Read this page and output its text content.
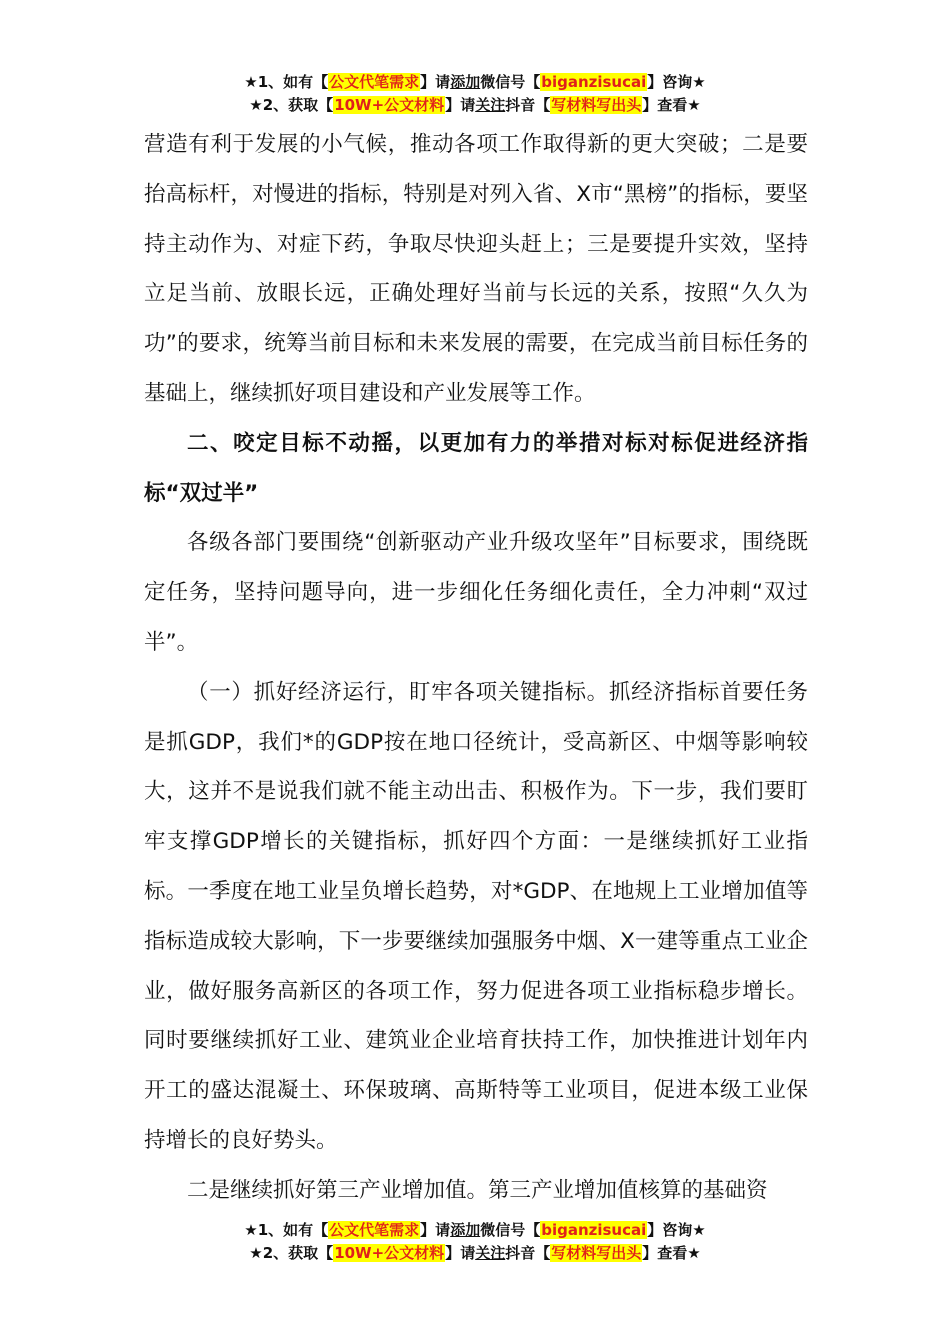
★1、如有【公文代笔需求】请添加微信号【biganzisucai】咨询★
★2、获取【10W+公文材料】请关注抖音【写材料写出头】查看★

营造有利于发展的小气候，推动各项工作取得新的更大突破；二是要抬高标杆，对慢进的指标，特别是对列入省、X市“黑榜”的指标，要坚持主动作为、对症下药，争取尽快迎头赶上；三是要提升实效，坚持立足当前、放眼长远，正确处理好当前与长远的关系，按照“久久为功”的要求，统筹当前目标和未来发展的需要，在完成当前目标任务的基础上，继续抓好项目建设和产业发展等工作。

二、咬定目标不动摇，以更加有力的举措对标对标促进经济指标“双过半”

各级各部门要围绕“创新驱动产业升级攻坚年”目标要求，围绕既定任务，坚持问题导向，进一步细化任务细化责任，全力冲刺“双过半”。

（一）抓好经济运行，盯牢各项关键指标。抓经济指标首要任务是抓GDP，我们*的GDP按在地口径统计，受高新区、中烟等影响较大，这并不是说我们就不能主动出击、积极作为。下一步，我们要盯牢支撑GDP增长的关键指标，抓好四个方面：一是继续抓好工业指标。一季度在地工业呈负增长趋势，对*GDP、在地规上工业增加值等指标造成较大影响，下一步要继续加强服务中烟、X一建等重点工业企业，做好服务高新区的各项工作，努力促进各项工业指标稳步增长。同时要继续抓好工业、建筑业企业培育扶持工作，加快推进计划年内开工的盛达混凝土、环保玻璃、高斯特等工业项目，促进本级工业保持增长的良好势头。

二是继续抓好第三产业增加值。第三产业增加值核算的基础资

★1、如有【公文代笔需求】请添加微信号【biganzisucai】咨询★
★2、获取【10W+公文材料】请关注抖音【写材料写出头】查看★
